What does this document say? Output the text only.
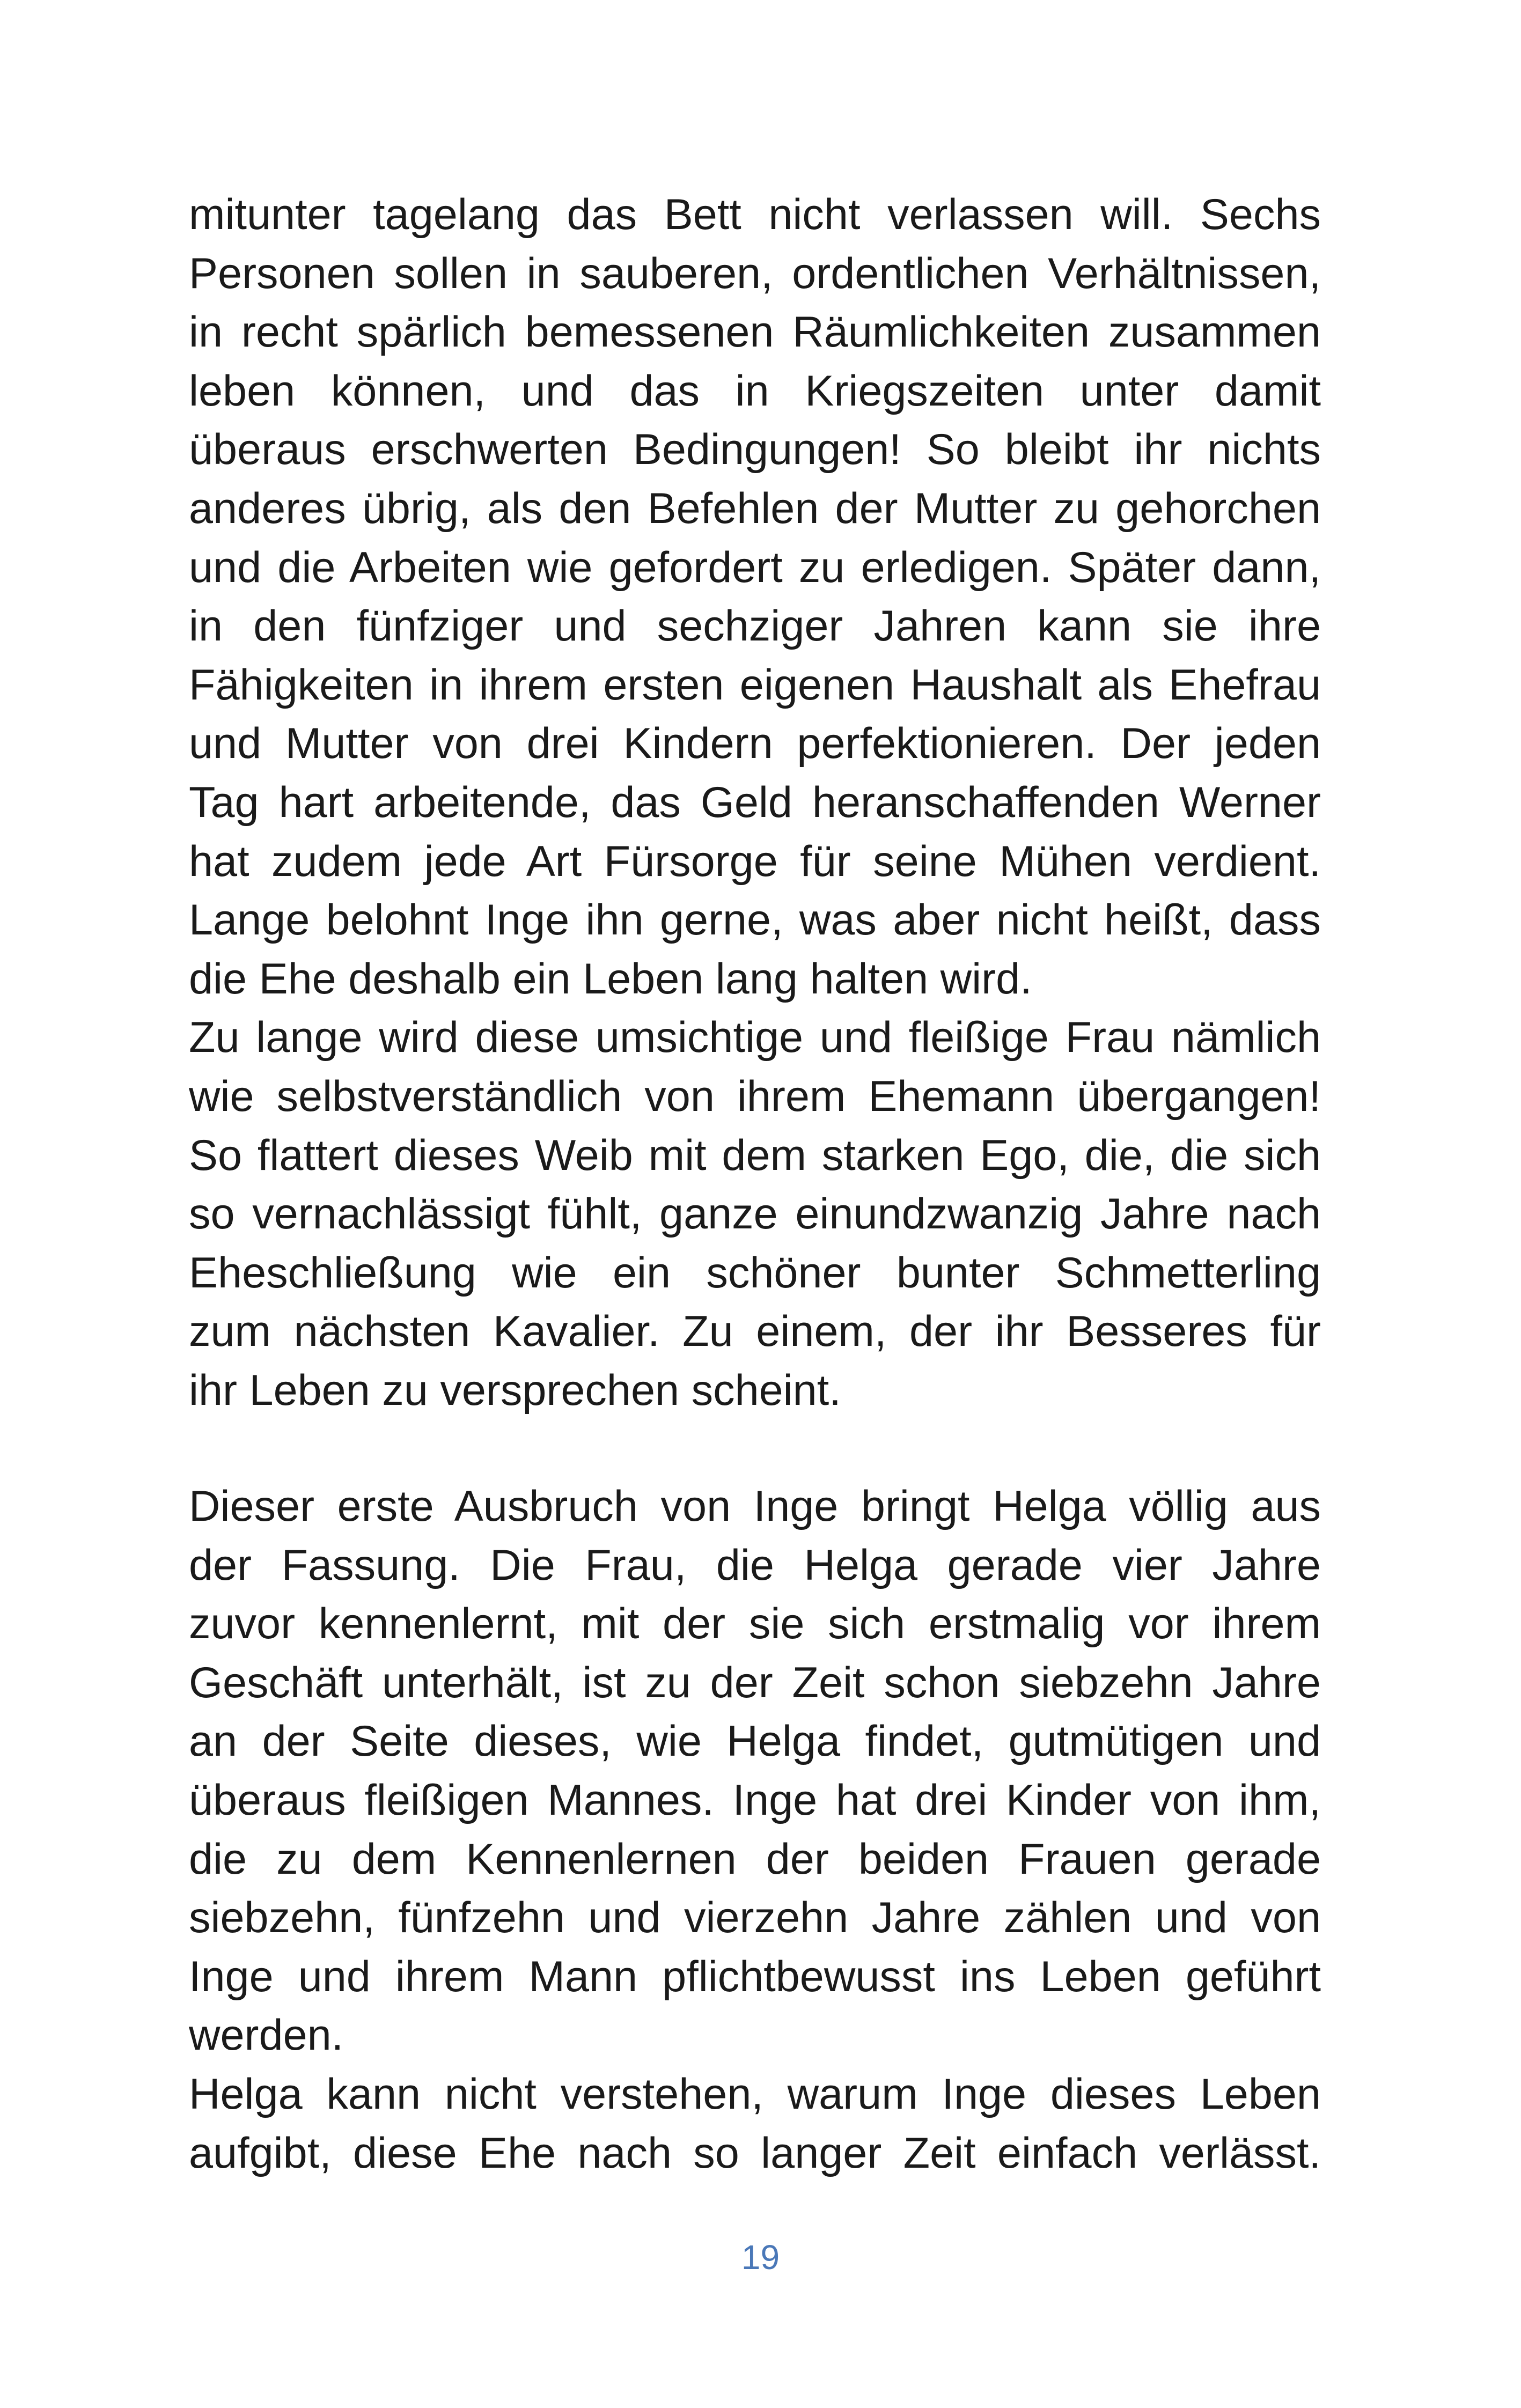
mitunter tagelang das Bett nicht verlassen will. Sechs
Personen sollen in sauberen, ordentlichen Verhältnissen,
in recht spärlich bemessenen Räumlichkeiten zusammen
leben können, und das in Kriegszeiten unter damit
überaus erschwerten Bedingungen! So bleibt ihr nichts
anderes übrig, als den Befehlen der Mutter zu gehorchen
und die Arbeiten wie gefordert zu erledigen. Später dann,
in den fünfziger und sechziger Jahren kann sie ihre
Fähigkeiten in ihrem ersten eigenen Haushalt als Ehefrau
und Mutter von drei Kindern perfektionieren. Der jeden
Tag hart arbeitende, das Geld heranschaffenden Werner
hat zudem jede Art Fürsorge für seine Mühen verdient.
Lange belohnt Inge ihn gerne, was aber nicht heißt, dass
die Ehe deshalb ein Leben lang halten wird.
Zu lange wird diese umsichtige und fleißige Frau nämlich
wie selbstverständlich von ihrem Ehemann übergangen!
So flattert dieses Weib mit dem starken Ego, die, die sich
so vernachlässigt fühlt, ganze einundzwanzig Jahre nach
Eheschließung wie ein schöner bunter Schmetterling
zum nächsten Kavalier. Zu einem, der ihr Besseres für
ihr Leben zu versprechen scheint.
Dieser erste Ausbruch von Inge bringt Helga völlig aus
der Fassung. Die Frau, die Helga gerade vier Jahre
zuvor kennenlernt, mit der sie sich erstmalig vor ihrem
Geschäft unterhält, ist zu der Zeit schon siebzehn Jahre
an der Seite dieses, wie Helga findet, gutmütigen und
überaus fleißigen Mannes. Inge hat drei Kinder von ihm,
die zu dem Kennenlernen der beiden Frauen gerade
siebzehn, fünfzehn und vierzehn Jahre zählen und von
Inge und ihrem Mann pflichtbewusst ins Leben geführt
werden.
Helga kann nicht verstehen, warum Inge dieses Leben
aufgibt, diese Ehe nach so langer Zeit einfach verlässt.
19
